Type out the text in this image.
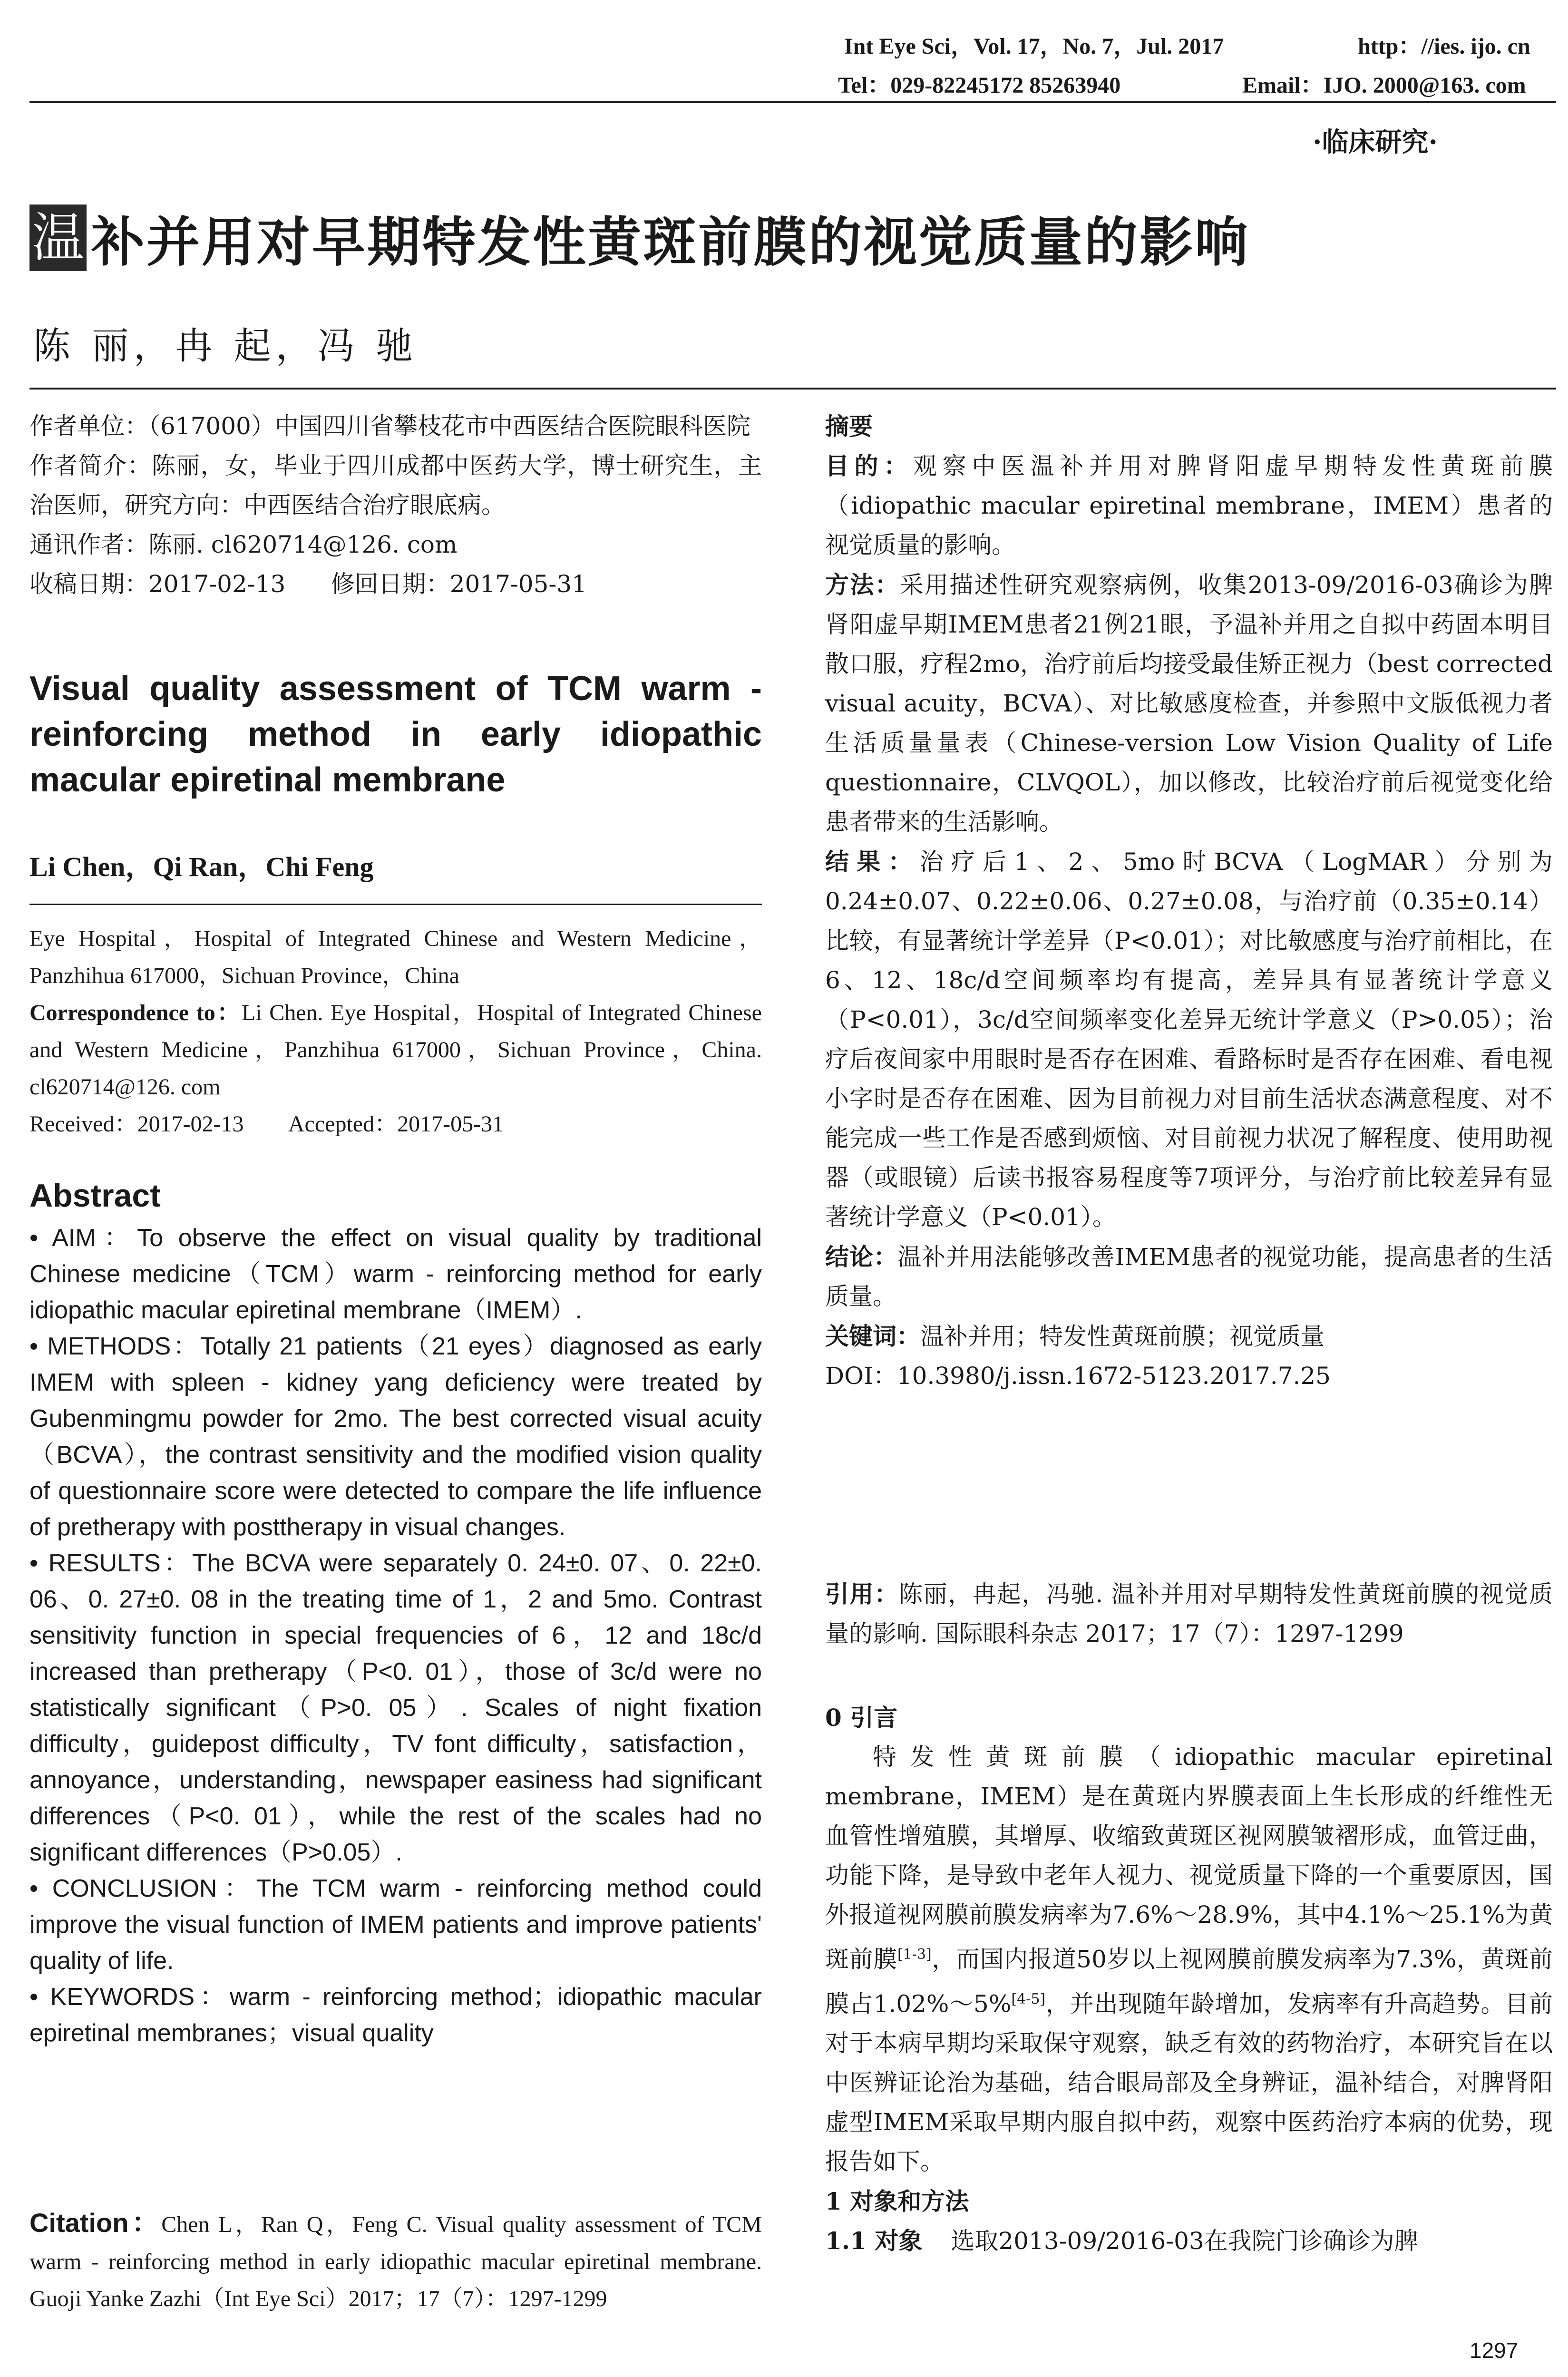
Int Eye Sci，Vol. 17，No. 7，Jul. 2017	http：//ies. ijo. cn
Tel：029-82245172 85263940	Email：IJO. 2000@163. com
·临床研究·
温 补并用对早期特发性黄斑前膜的视觉质量的影响
陈 丽，冉 起，冯 驰

作者单位：（617000）中国四川省攀枝花市中西医结合医院眼科医院

作者简介：陈丽，女，毕业于四川成都中医药大学，博士研究生，主治医师，研究方向：中西医结合治疗眼底病。

通讯作者：陈丽. cl620714@126. com

收稿日期：2017-02-13      修回日期：2017-05-31

Visual quality assessment of TCM warm - reinforcing method in early idiopathic macular epiretinal membrane
Li Chen，Qi Ran，Chi Feng

Eye Hospital，Hospital of Integrated Chinese and Western Medicine，Panzhihua 617000，Sichuan Province，China

Correspondence to：Li Chen. Eye Hospital，Hospital of Integrated Chinese and Western Medicine，Panzhihua 617000，Sichuan Province，China. cl620714@126. com

Received：2017-02-13        Accepted：2017-05-31

Abstract

• AIM：To observe the effect on visual quality by traditional Chinese medicine（TCM）warm - reinforcing method for early idiopathic macular epiretinal membrane（IMEM）.

• METHODS：Totally 21 patients（21 eyes）diagnosed as early IMEM with spleen - kidney yang deficiency were treated by Gubenmingmu powder for 2mo. The best corrected visual acuity（BCVA），the contrast sensitivity and the modified vision quality of questionnaire score were detected to compare the life influence of pretherapy with posttherapy in visual changes.

• RESULTS：The BCVA were separately 0. 24±0. 07、0. 22±0. 06、0. 27±0. 08 in the treating time of 1，2 and 5mo. Contrast sensitivity function in special frequencies of 6，12 and 18c/d increased than pretherapy（P<0. 01），those of 3c/d were no statistically significant（P>0. 05）. Scales of night fixation difficulty，guidepost difficulty，TV font difficulty，satisfaction，annoyance，understanding，newspaper easiness had significant differences（P<0. 01），while the rest of the scales had no significant differences（P>0.05）.

• CONCLUSION：The TCM warm - reinforcing method could improve the visual function of IMEM patients and improve patients' quality of life.

• KEYWORDS：warm - reinforcing method；idiopathic macular epiretinal membranes；visual quality

Citation：Chen L，Ran Q，Feng C. Visual quality assessment of TCM warm - reinforcing method in early idiopathic macular epiretinal membrane. Guoji Yanke Zazhi（Int Eye Sci）2017；17（7）：1297-1299

摘要

目的：观察中医温补并用对脾肾阳虚早期特发性黄斑前膜（idiopathic macular epiretinal membrane，IMEM）患者的视觉质量的影响。

方法：采用描述性研究观察病例，收集2013-09/2016-03确诊为脾肾阳虚早期IMEM患者21例21眼，予温补并用之自拟中药固本明目散口服，疗程2mo，治疗前后均接受最佳矫正视力（best corrected visual acuity，BCVA）、对比敏感度检查，并参照中文版低视力者生活质量量表（Chinese-version Low Vision Quality of Life questionnaire，CLVQOL），加以修改，比较治疗前后视觉变化给患者带来的生活影响。

结果：治疗后1、2、5mo时BCVA（LogMAR）分别为0.24±0.07、0.22±0.06、0.27±0.08，与治疗前（0.35±0.14）比较，有显著统计学差异（P<0.01）；对比敏感度与治疗前相比，在6、12、18c/d空间频率均有提高，差异具有显著统计学意义（P<0.01），3c/d空间频率变化差异无统计学意义（P>0.05）；治疗后夜间家中用眼时是否存在困难、看路标时是否存在困难、看电视小字时是否存在困难、因为目前视力对目前生活状态满意程度、对不能完成一些工作是否感到烦恼、对目前视力状况了解程度、使用助视器（或眼镜）后读书报容易程度等7项评分，与治疗前比较差异有显著统计学意义（P<0.01）。

结论：温补并用法能够改善IMEM患者的视觉功能，提高患者的生活质量。

关键词：温补并用；特发性黄斑前膜；视觉质量

DOI：10.3980/j.issn.1672-5123.2017.7.25

引用：陈丽，冉起，冯驰. 温补并用对早期特发性黄斑前膜的视觉质量的影响. 国际眼科杂志 2017；17（7）：1297-1299

0 引言

特发性黄斑前膜（idiopathic macular epiretinal membrane，IMEM）是在黄斑内界膜表面上生长形成的纤维性无血管性增殖膜，其增厚、收缩致黄斑区视网膜皱褶形成，血管迂曲，功能下降，是导致中老年人视力、视觉质量下降的一个重要原因，国外报道视网膜前膜发病率为7.6%～28.9%，其中4.1%～25.1%为黄斑前膜[1-3]，而国内报道50岁以上视网膜前膜发病率为7.3%，黄斑前膜占1.02%～5%[4-5]，并出现随年龄增加，发病率有升高趋势。目前对于本病早期均采取保守观察，缺乏有效的药物治疗，本研究旨在以中医辨证论治为基础，结合眼局部及全身辨证，温补结合，对脾肾阳虚型IMEM采取早期内服自拟中药，观察中医药治疗本病的优势，现报告如下。

1 对象和方法

1.1 对象 选取2013-09/2016-03在我院门诊确诊为脾

1297
